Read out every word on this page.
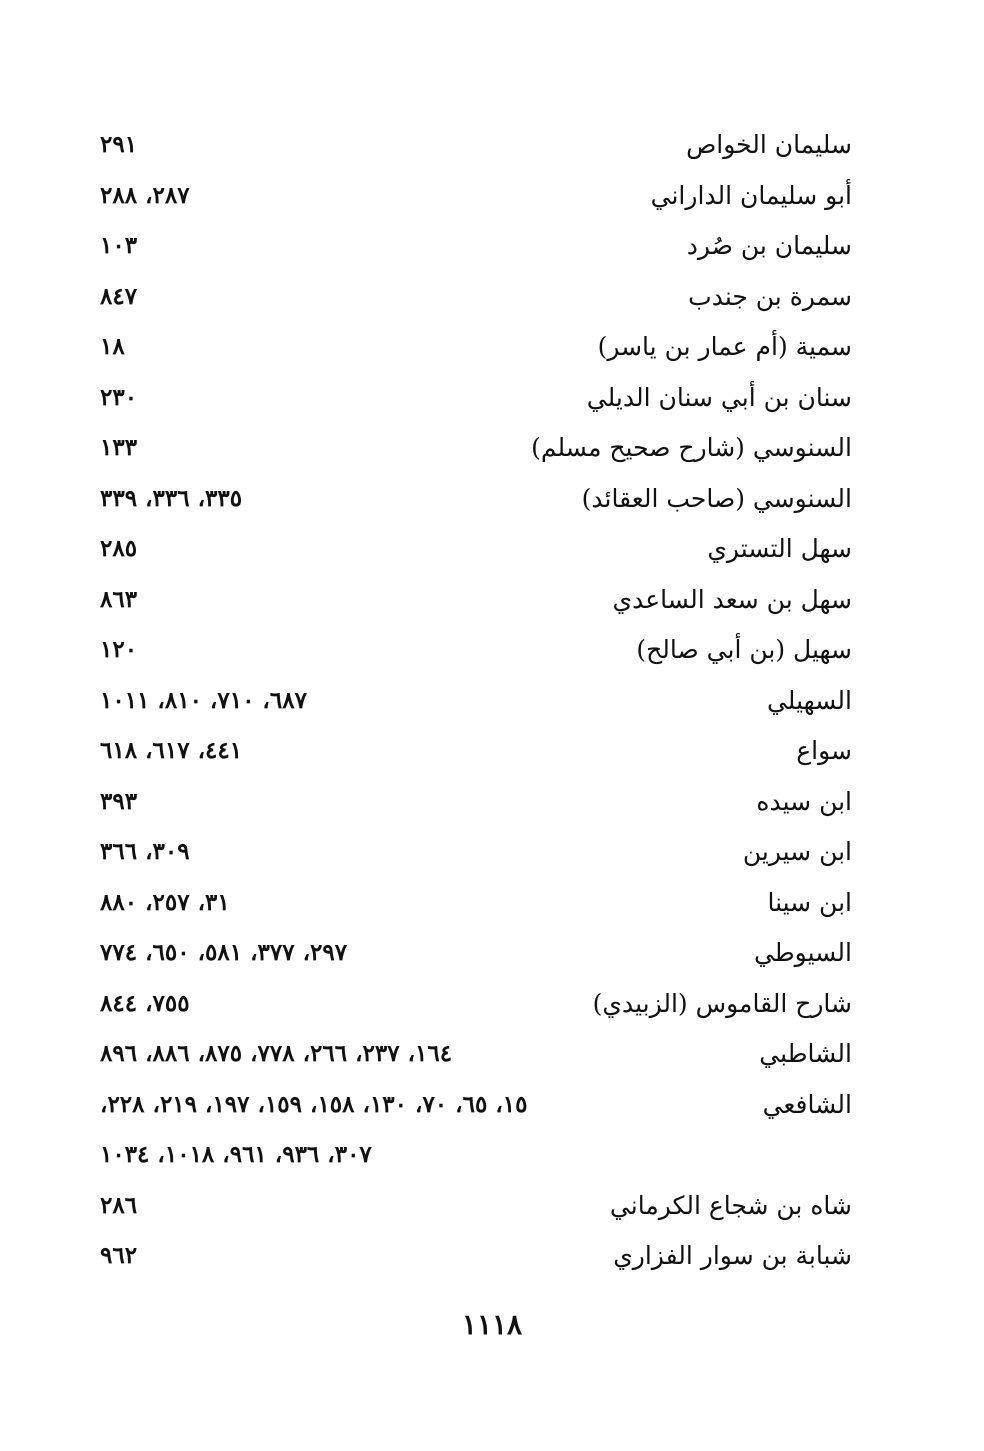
سليمان الخواص
٢٩١
أبو سليمان الداراني
٢٨٧، ٢٨٨
سليمان بن صُرد
١٠٣
سمرة بن جندب
٨٤٧
سمية (أم عمار بن ياسر)
١٨
سنان بن أبي سنان الديلي
٢٣٠
السنوسي (شارح صحيح مسلم)
١٣٣
السنوسي (صاحب العقائد)
٣٣٥، ٣٣٦، ٣٣٩
سهل التستري
٢٨٥
سهل بن سعد الساعدي
٨٦٣
سهيل (بن أبي صالح)
١٢٠
السهيلي
٦٨٧، ٧١٠، ٨١٠، ١٠١١
سواع
٤٤١، ٦١٧، ٦١٨
ابن سيده
٣٩٣
ابن سيرين
٣٠٩، ٣٦٦
ابن سينا
٣١، ٢٥٧، ٨٨٠
السيوطي
٢٩٧، ٣٧٧، ٥٨١، ٦٥٠، ٧٧٤
شارح القاموس (الزبيدي)
٧٥٥، ٨٤٤
الشاطبي
١٦٤، ٢٣٧، ٢٦٦، ٧٧٨، ٨٧٥، ٨٨٦، ٨٩٦
الشافعي
١٥، ٦٥، ٧٠، ١٣٠، ١٥٨، ١٥٩، ١٩٧، ٢١٩، ٢٢٨،
٣٠٧، ٩٣٦، ٩٦١، ١٠١٨، ١٠٣٤
شاه بن شجاع الكرماني
٢٨٦
شبابة بن سوار الفزاري
٩٦٢
١١١٨
